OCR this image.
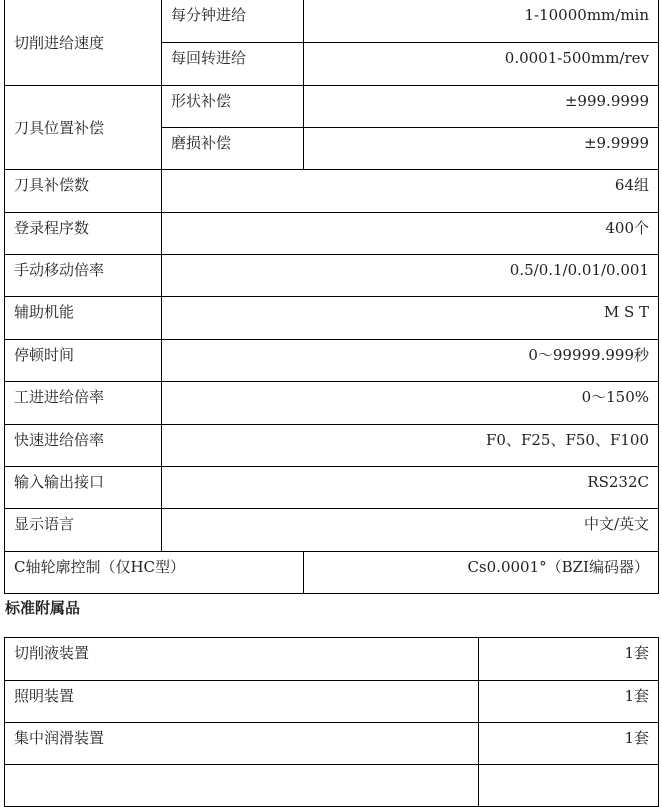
切削进给速度	每分钟进给	1-10000mm/min

	每回转进给	0.0001-500mm/rev

刀具位置补偿	形状补偿	±999.9999

	磨损补偿	±9.9999

刀具补偿数	64组	

登录程序数	400个	

手动移动倍率	0.5/0.1/0.01/0.001	

辅助机能	M S T	

停顿时间	0～99999.999秒	

工进进给倍率	0～150%	

快速进给倍率	F0、F25、F50、F100	

输入输出接口	RS232C	

显示语言	中文/英文	

C轴轮廓控制（仅HC型）		Cs0.0001°（BZI编码器）
标准附属品
切削液装置	1套

照明装置	1套

集中润滑装置	1套
